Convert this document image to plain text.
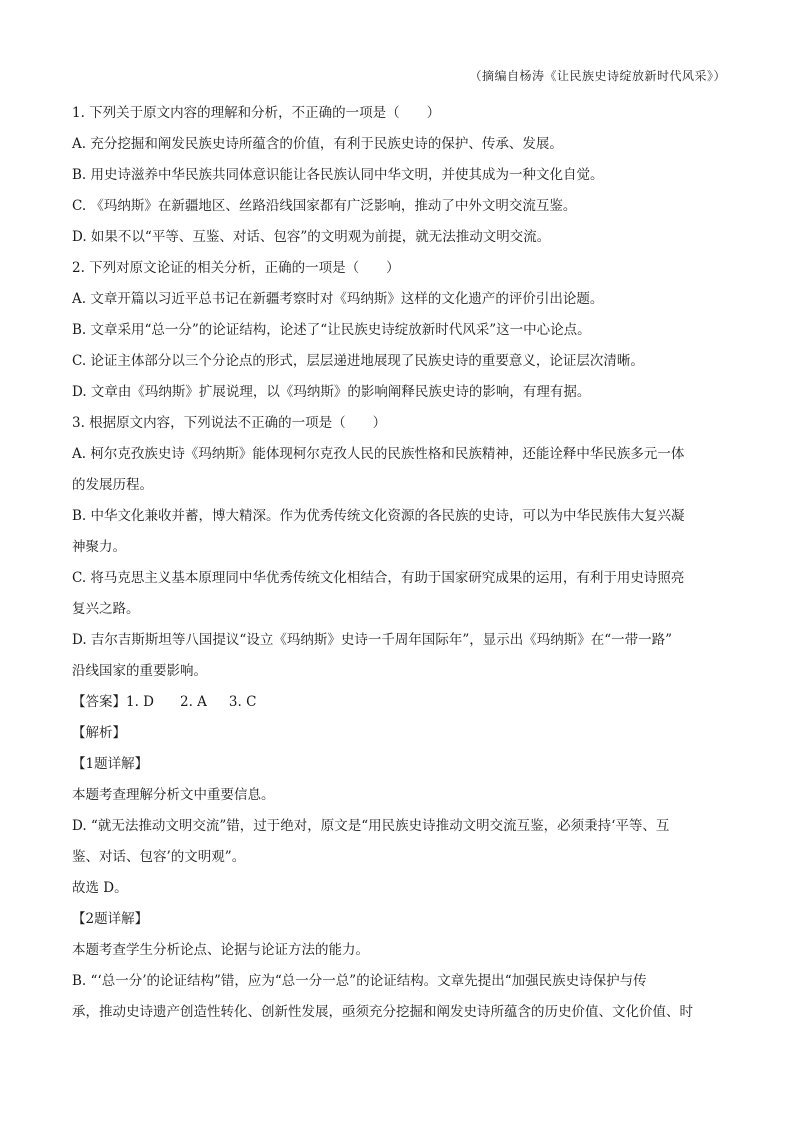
（摘编自杨涛《让民族史诗绽放新时代风采》）
1. 下列关于原文内容的理解和分析，不正确的一项是（　　）
A. 充分挖掘和阐发民族史诗所蕴含的价值，有利于民族史诗的保护、传承、发展。
B. 用史诗滋养中华民族共同体意识能让各民族认同中华文明，并使其成为一种文化自觉。
C. 《玛纳斯》在新疆地区、丝路沿线国家都有广泛影响，推动了中外文明交流互鉴。
D. 如果不以“平等、互鉴、对话、包容”的文明观为前提，就无法推动文明交流。
2. 下列对原文论证的相关分析，正确的一项是（　　）
A. 文章开篇以习近平总书记在新疆考察时对《玛纳斯》这样的文化遗产的评价引出论题。
B. 文章采用“总一分”的论证结构，论述了“让民族史诗绽放新时代风采”这一中心论点。
C. 论证主体部分以三个分论点的形式，层层递进地展现了民族史诗的重要意义，论证层次清晰。
D. 文章由《玛纳斯》扩展说理，以《玛纳斯》的影响阐释民族史诗的影响，有理有据。
3. 根据原文内容，下列说法不正确的一项是（　　）
A. 柯尔克孜族史诗《玛纳斯》能体现柯尔克孜人民的民族性格和民族精神，还能诠释中华民族多元一体
的发展历程。
B. 中华文化兼收并蓄，博大精深。作为优秀传统文化资源的各民族的史诗，可以为中华民族伟大复兴凝
神聚力。
C. 将马克思主义基本原理同中华优秀传统文化相结合，有助于国家研究成果的运用，有利于用史诗照亮
复兴之路。
D. 吉尔吉斯斯坦等八国提议“设立《玛纳斯》史诗一千周年国际年”，显示出《玛纳斯》在“一带一路”
沿线国家的重要影响。
【答案】 1. D 2. A 3. C
【解析】
【1题详解】
本题考查理解分析文中重要信息。
D. “就无法推动文明交流”错，过于绝对，原文是“用民族史诗推动文明交流互鉴，必须秉持‘平等、互
鉴、对话、包容’的文明观”。
故选 D。
【2题详解】
本题考查学生分析论点、论据与论证方法的能力。
B. “‘总一分’的论证结构”错，应为“总一分一总”的论证结构。文章先提出“加强民族史诗保护与传
承，推动史诗遗产创造性转化、创新性发展，亟须充分挖掘和阐发史诗所蕴含的历史价值、文化价值、时
